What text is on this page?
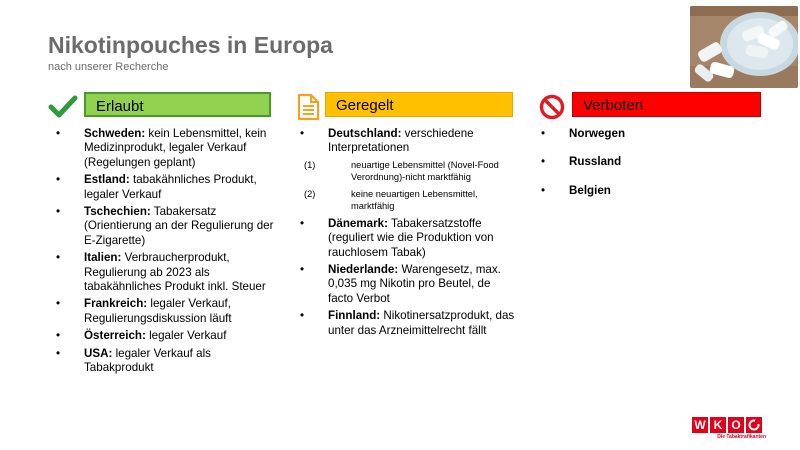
Nikotinpouches in Europa
nach unserer Recherche
Erlaubt
• Schweden: kein Lebensmittel, kein Medizinprodukt, legaler Verkauf (Regelungen geplant)
• Estland: tabakähnliches Produkt, legaler Verkauf
• Tschechien: Tabakersatz (Orientierung an der Regulierung der E-Zigarette)
• Italien: Verbraucherprodukt, Regulierung ab 2023 als tabakähnliches Produkt inkl. Steuer
• Frankreich: legaler Verkauf, Regulierungsdiskussion läuft
• Österreich: legaler Verkauf
• USA: legaler Verkauf als Tabakprodukt
Geregelt
• Deutschland: verschiedene Interpretationen
(1)	neuartige Lebensmittel (Novel-Food Verordnung)-nicht marktfähig
(2)	keine neuartigen Lebensmittel, marktfähig
• Dänemark: Tabakersatzstoffe (reguliert wie die Produktion von rauchlosem Tabak)
• Niederlande: Warengesetz, max. 0,035 mg Nikotin pro Beutel, de facto Verbot
• Finnland: Nikotinersatzprodukt, das unter das Arzneimittelrecht fällt
Verboten
• Norwegen
• Russland
• Belgien
W K O
Die Tabaktrafikanten
